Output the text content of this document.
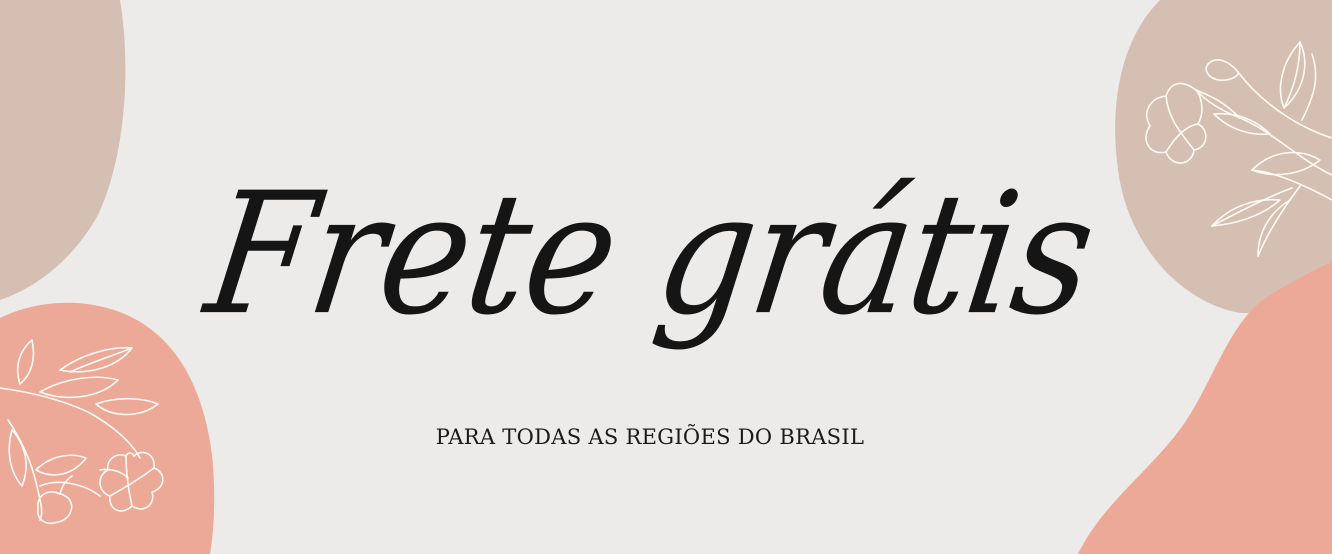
Frete grátis
PARA TODAS AS REGIÕES DO BRASIL
